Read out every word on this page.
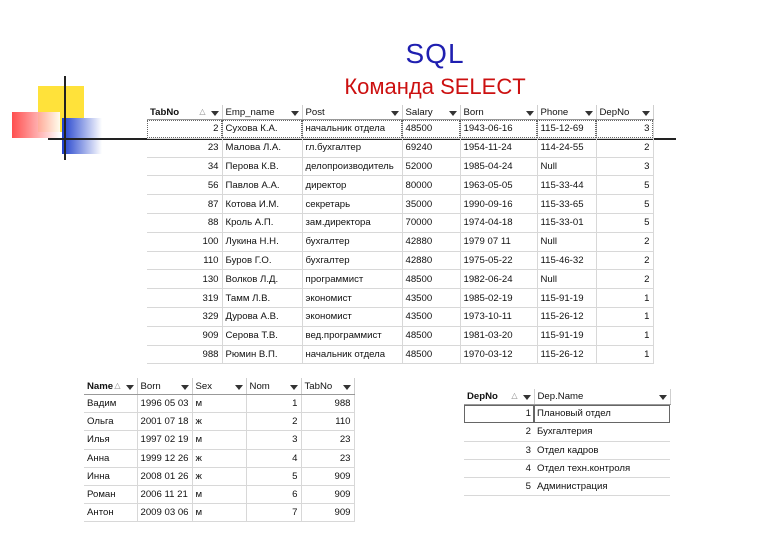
SQL
Команда SELECT
TabNo △	Emp_name	Post	Salary	Born	Phone	DepNo

2	Сухова К.А.	начальник отдела	48500	1943-06-16	115-12-69	3
23	Малова Л.А.	гл.бухгалтер	69240	1954-11-24	114-24-55	2
34	Перова К.В.	делопроизводитель	52000	1985-04-24	Null	3
56	Павлов А.А.	директор	80000	1963-05-05	115-33-44	5
87	Котова И.М.	секретарь	35000	1990-09-16	115-33-65	5
88	Кроль А.П.	зам.директора	70000	1974-04-18	115-33-01	5
100	Лукина Н.Н.	бухгалтер	42880	1979 07 11	Null	2
110	Буров Г.О.	бухгалтер	42880	1975-05-22	115-46-32	2
130	Волков Л.Д.	программист	48500	1982-06-24	Null	2
319	Тамм Л.В.	экономист	43500	1985-02-19	115-91-19	1
329	Дурова А.В.	экономист	43500	1973-10-11	115-26-12	1
909	Серова Т.В.	вед.программист	48500	1981-03-20	115-91-19	1
988	Рюмин В.П.	начальник отдела	48500	1970-03-12	115-26-12	1
Name △	Born	Sex	Nom	TabNo

Вадим	1996 05 03	м	1	988
Ольга	2001 07 18	ж	2	110
Илья	1997 02 19	м	3	23
Анна	1999 12 26	ж	4	23
Инна	2008 01 26	ж	5	909
Роман	2006 11 21	м	6	909
Антон	2009 03 06	м	7	909
DepNo △	Dep.Name

1	Плановый отдел
2	Бухгалтерия
3	Отдел кадров
4	Отдел техн.контроля
5	Администрация
